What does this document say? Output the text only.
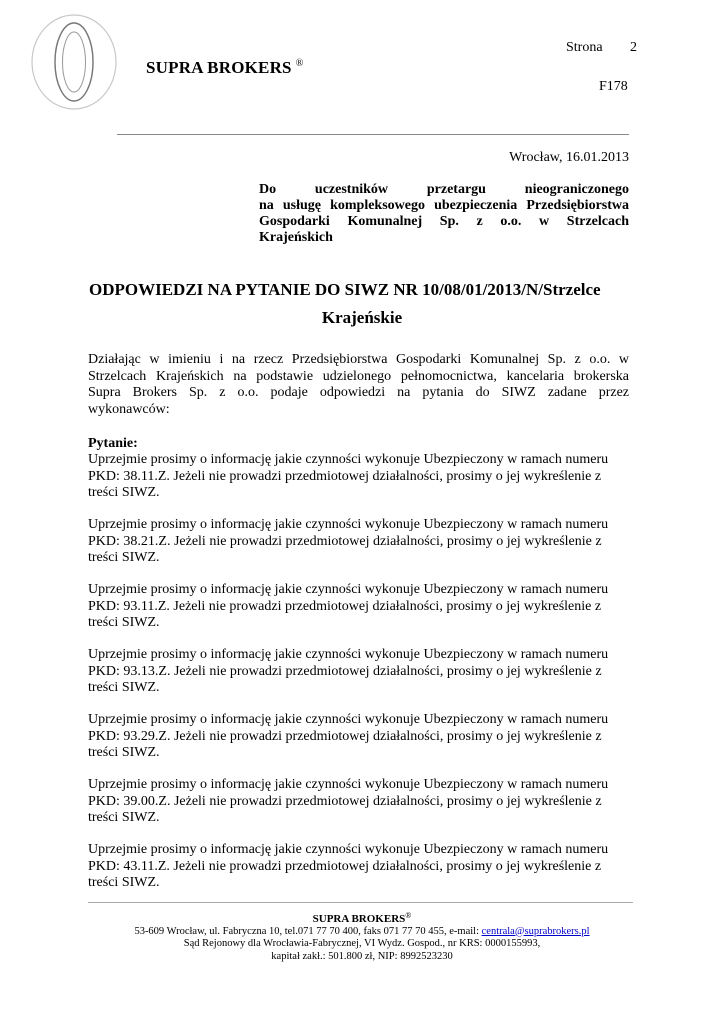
SUPRA BROKERS ®
Strona 2
F178
Wrocław, 16.01.2013
Do uczestników przetargu nieograniczonego
na usługę kompleksowego ubezpieczenia Przedsiębiorstwa
Gospodarki Komunalnej Sp. z o.o. w Strzelcach
Krajeńskich
ODPOWIEDZI NA PYTANIE DO SIWZ NR 10/08/01/2013/N/Strzelce
Krajeńskie
Działając w imieniu i na rzecz Przedsiębiorstwa Gospodarki Komunalnej Sp. z o.o. w
Strzelcach Krajeńskich na podstawie udzielonego pełnomocnictwa, kancelaria brokerska
Supra Brokers Sp. z o.o. podaje odpowiedzi na pytania do SIWZ zadane przez
wykonawców:
Pytanie:
Uprzejmie prosimy o informację jakie czynności wykonuje Ubezpieczony w ramach numeru
PKD: 38.11.Z. Jeżeli nie prowadzi przedmiotowej działalności, prosimy o jej wykreślenie z
treści SIWZ.
Uprzejmie prosimy o informację jakie czynności wykonuje Ubezpieczony w ramach numeru
PKD: 38.21.Z. Jeżeli nie prowadzi przedmiotowej działalności, prosimy o jej wykreślenie z
treści SIWZ.
Uprzejmie prosimy o informację jakie czynności wykonuje Ubezpieczony w ramach numeru
PKD: 93.11.Z. Jeżeli nie prowadzi przedmiotowej działalności, prosimy o jej wykreślenie z
treści SIWZ.
Uprzejmie prosimy o informację jakie czynności wykonuje Ubezpieczony w ramach numeru
PKD: 93.13.Z. Jeżeli nie prowadzi przedmiotowej działalności, prosimy o jej wykreślenie z
treści SIWZ.
Uprzejmie prosimy o informację jakie czynności wykonuje Ubezpieczony w ramach numeru
PKD: 93.29.Z. Jeżeli nie prowadzi przedmiotowej działalności, prosimy o jej wykreślenie z
treści SIWZ.
Uprzejmie prosimy o informację jakie czynności wykonuje Ubezpieczony w ramach numeru
PKD: 39.00.Z. Jeżeli nie prowadzi przedmiotowej działalności, prosimy o jej wykreślenie z
treści SIWZ.
Uprzejmie prosimy o informację jakie czynności wykonuje Ubezpieczony w ramach numeru
PKD: 43.11.Z. Jeżeli nie prowadzi przedmiotowej działalności, prosimy o jej wykreślenie z
treści SIWZ.
SUPRA BROKERS®
53-609 Wrocław, ul. Fabryczna 10, tel.071 77 70 400, faks 071 77 70 455, e-mail: centrala@suprabrokers.pl
Sąd Rejonowy dla Wrocławia-Fabrycznej, VI Wydz. Gospod., nr KRS: 0000155993,
kapitał zakł.: 501.800 zł, NIP: 8992523230
